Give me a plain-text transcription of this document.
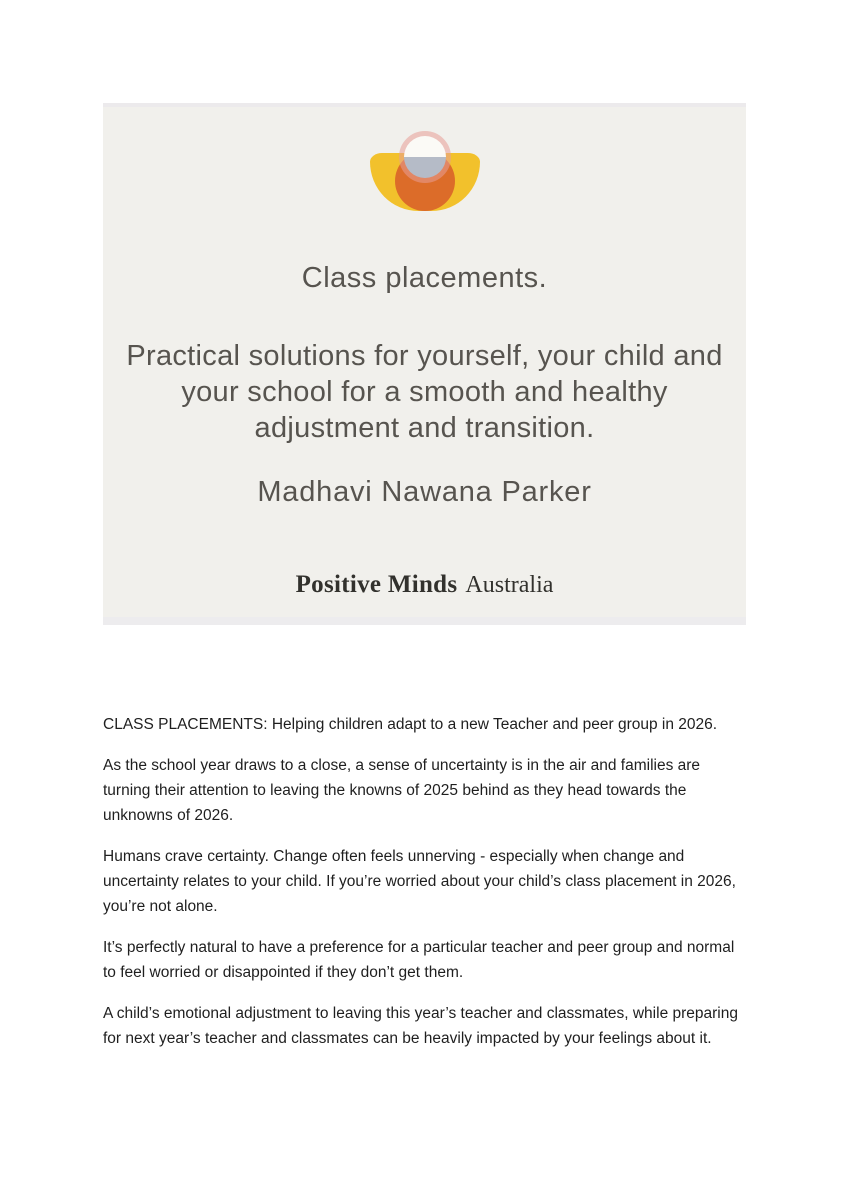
Class placements.

Practical solutions for yourself, your child and your school for a smooth and healthy adjustment and transition.

Madhavi Nawana Parker

Positive Minds Australia

CLASS PLACEMENTS: Helping children adapt to a new Teacher and peer group in 2026.

As the school year draws to a close, a sense of uncertainty is in the air and families are turning their attention to leaving the knowns of 2025 behind as they head towards the unknowns of 2026.

Humans crave certainty. Change often feels unnerving - especially when change and uncertainty relates to your child. If you’re worried about your child’s class placement in 2026, you’re not alone.

It’s perfectly natural to have a preference for a particular teacher and peer group and normal to feel worried or disappointed if they don’t get them.

A child’s emotional adjustment to leaving this year’s teacher and classmates, while preparing for next year’s teacher and classmates can be heavily impacted by your feelings about it.
